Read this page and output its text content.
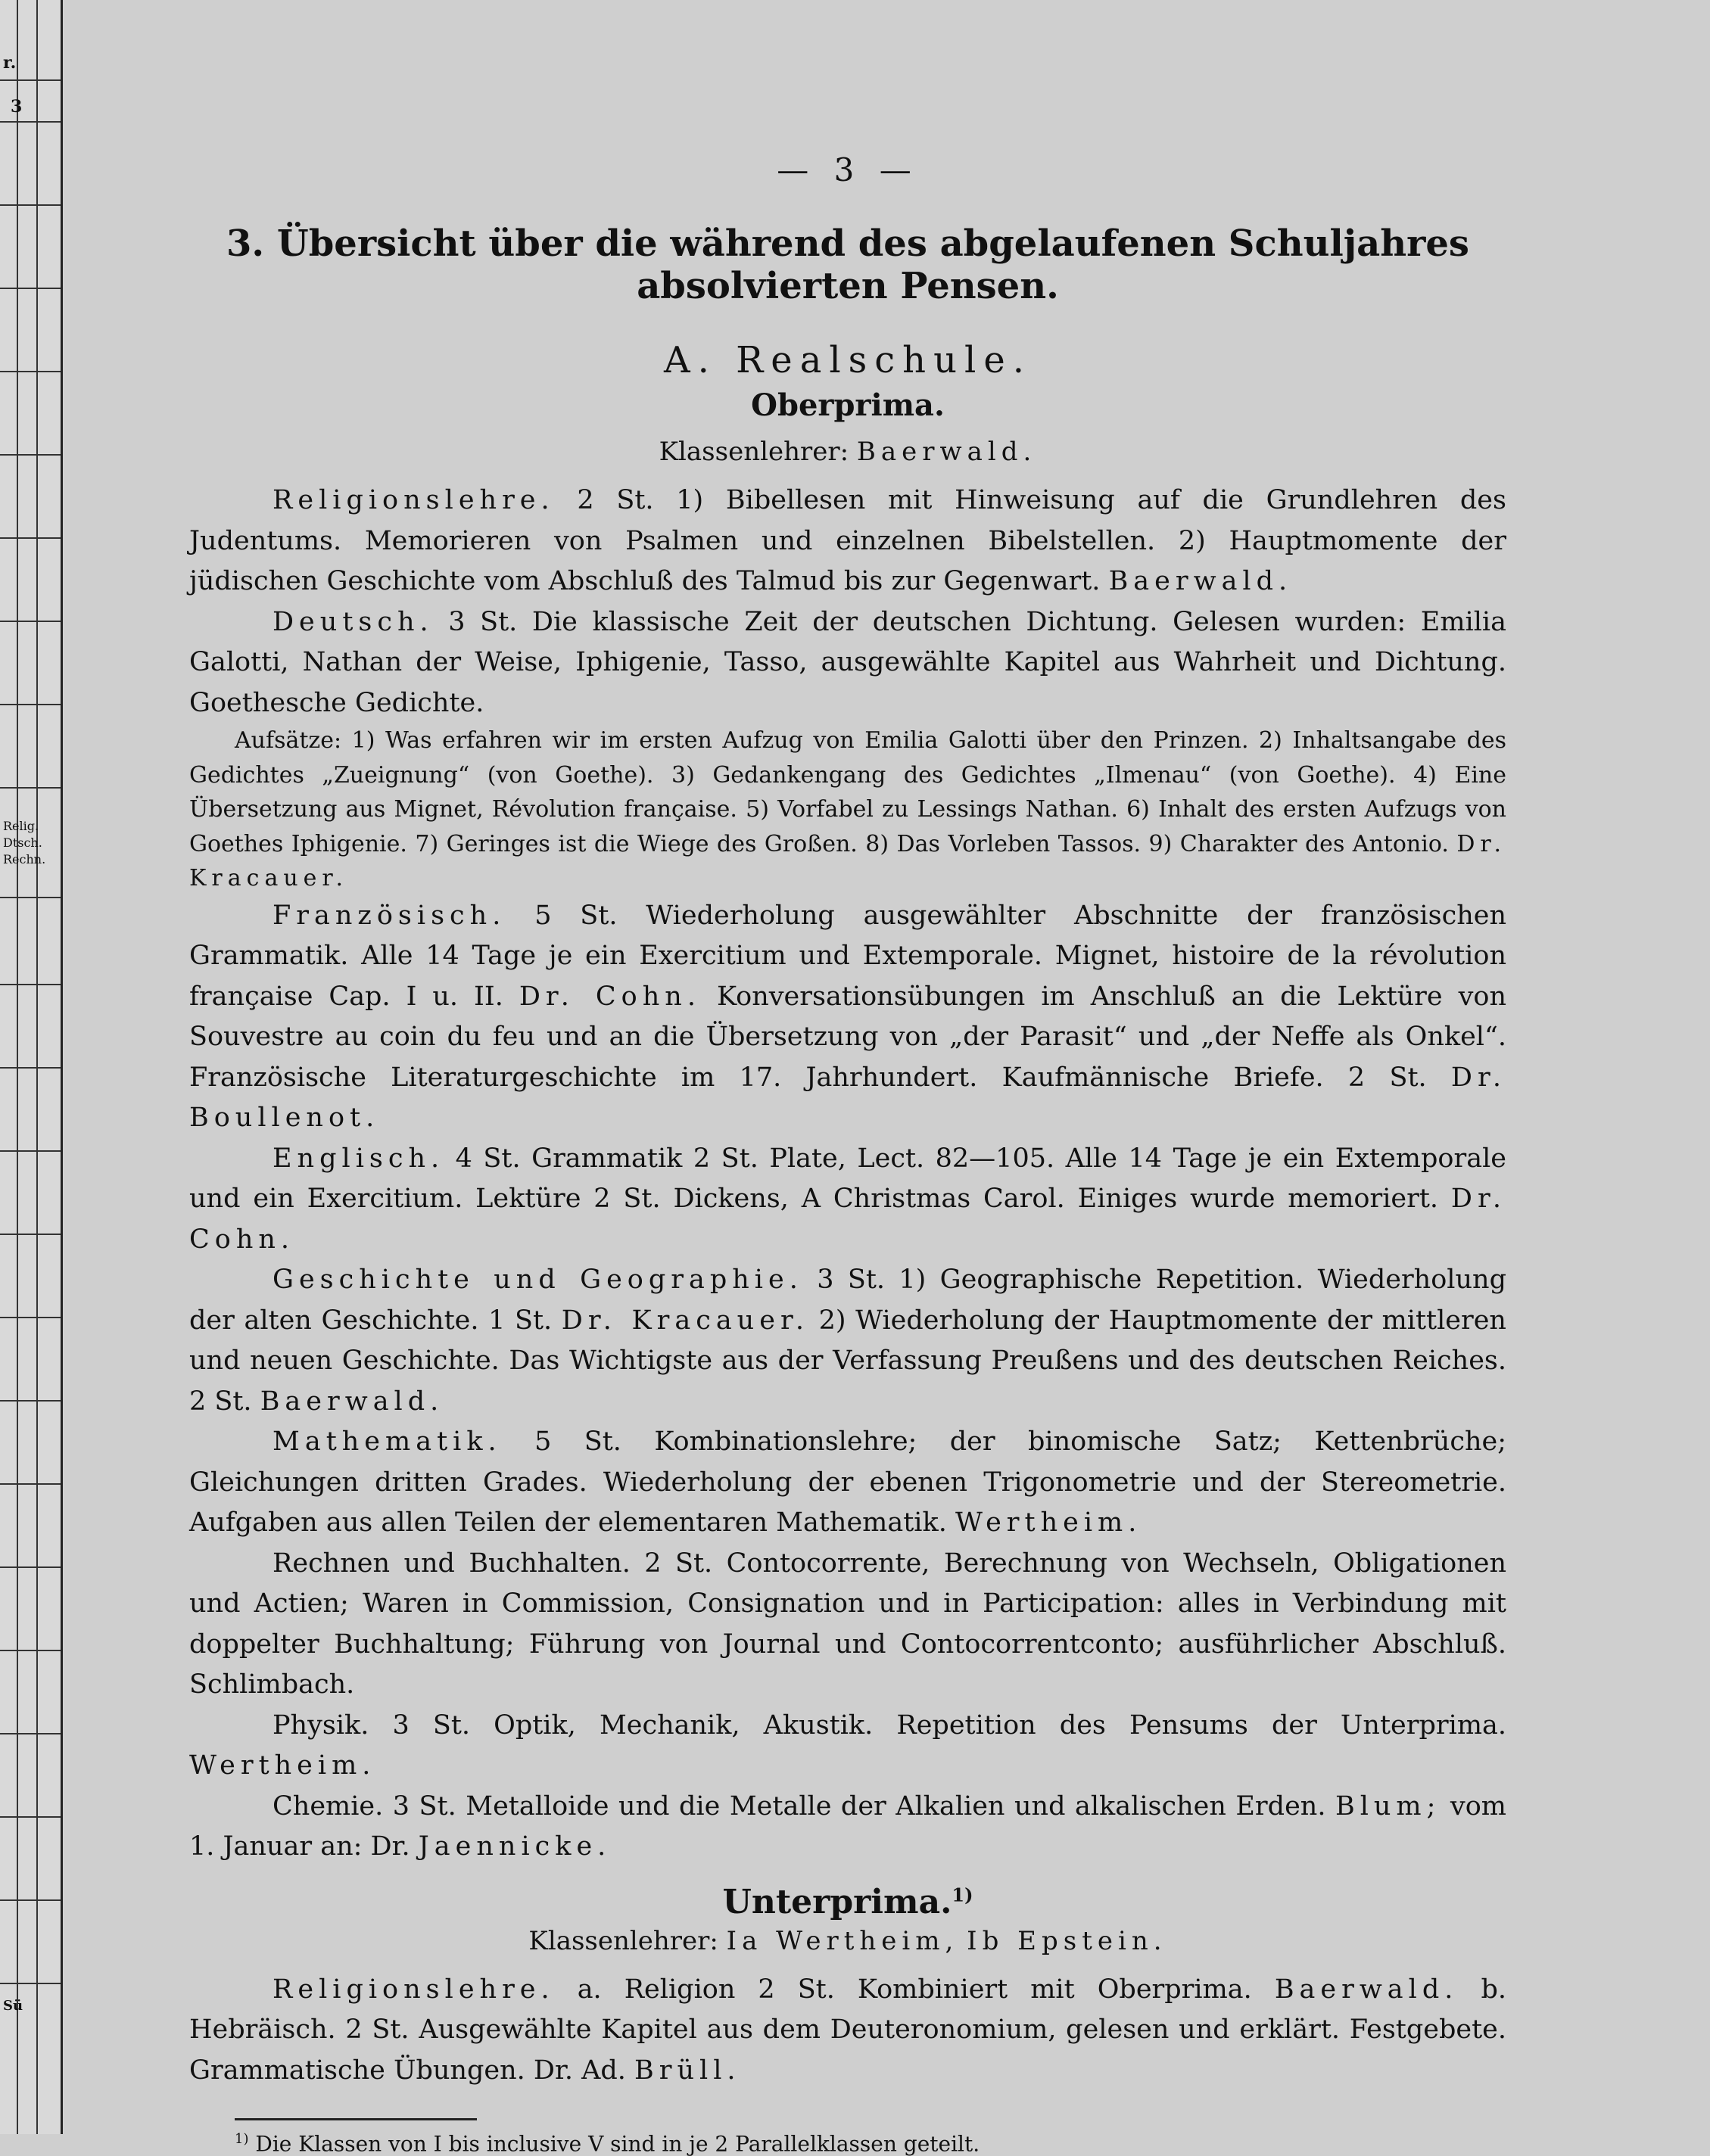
r.
3
Relig.
Dtsch.
Rechn.
Sü
— 3 —
3. Übersicht über die während des abgelaufenen Schuljahres absolvierten Pensen.
A. Realschule.
Oberprima.
Klassenlehrer: Baerwald.

Religionslehre. 2 St. 1) Bibellesen mit Hinweisung auf die Grundlehren des Judentums. Memorieren von Psalmen und einzelnen Bibelstellen. 2) Hauptmomente der jüdischen Geschichte vom Abschluß des Talmud bis zur Gegenwart. Baerwald.

Deutsch. 3 St. Die klassische Zeit der deutschen Dichtung. Gelesen wurden: Emilia Galotti, Nathan der Weise, Iphigenie, Tasso, ausgewählte Kapitel aus Wahrheit und Dichtung. Goethesche Gedichte.

Aufsätze: 1) Was erfahren wir im ersten Aufzug von Emilia Galotti über den Prinzen. 2) Inhaltsangabe des Gedichtes „Zueignung“ (von Goethe). 3) Gedankengang des Gedichtes „Ilmenau“ (von Goethe). 4) Eine Übersetzung aus Mignet, Révolution française. 5) Vorfabel zu Lessings Nathan. 6) Inhalt des ersten Aufzugs von Goethes Iphigenie. 7) Geringes ist die Wiege des Großen. 8) Das Vorleben Tassos. 9) Charakter des Antonio. Dr. Kracauer.

Französisch. 5 St. Wiederholung ausgewählter Abschnitte der französischen Grammatik. Alle 14 Tage je ein Exercitium und Extemporale. Mignet, histoire de la révolution française Cap. I u. II. Dr. Cohn. Konversationsübungen im Anschluß an die Lektüre von Souvestre au coin du feu und an die Übersetzung von „der Parasit“ und „der Neffe als Onkel“. Französische Literaturgeschichte im 17. Jahrhundert. Kaufmännische Briefe. 2 St. Dr. Boullenot.

Englisch. 4 St. Grammatik 2 St. Plate, Lect. 82—105. Alle 14 Tage je ein Extemporale und ein Exercitium. Lektüre 2 St. Dickens, A Christmas Carol. Einiges wurde memoriert. Dr. Cohn.

Geschichte und Geographie. 3 St. 1) Geographische Repetition. Wiederholung der alten Geschichte. 1 St. Dr. Kracauer. 2) Wiederholung der Hauptmomente der mittleren und neuen Geschichte. Das Wichtigste aus der Verfassung Preußens und des deutschen Reiches. 2 St. Baerwald.

Mathematik. 5 St. Kombinationslehre; der binomische Satz; Kettenbrüche; Gleichungen dritten Grades. Wiederholung der ebenen Trigonometrie und der Stereometrie. Aufgaben aus allen Teilen der elementaren Mathematik. Wertheim.

Rechnen und Buchhalten. 2 St. Contocorrente, Berechnung von Wechseln, Obligationen und Actien; Waren in Commission, Consignation und in Participation: alles in Verbindung mit doppelter Buchhaltung; Führung von Journal und Contocorrentconto; ausführlicher Abschluß. Schlimbach.

Physik. 3 St. Optik, Mechanik, Akustik. Repetition des Pensums der Unterprima. Wertheim.

Chemie. 3 St. Metalloide und die Metalle der Alkalien und alkalischen Erden. Blum; vom 1. Januar an: Dr. Jaennicke.

Unterprima.$^{1)}$
Klassenlehrer: Ia Wertheim, Ib Epstein.

Religionslehre. a. Religion 2 St. Kombiniert mit Oberprima. Baerwald. b. Hebräisch. 2 St. Ausgewählte Kapitel aus dem Deuteronomium, gelesen und erklärt. Festgebete. Grammatische Übungen. Dr. Ad. Brüll.

$^{1)}$ Die Klassen von I bis inclusive V sind in je 2 Parallelklassen geteilt.
